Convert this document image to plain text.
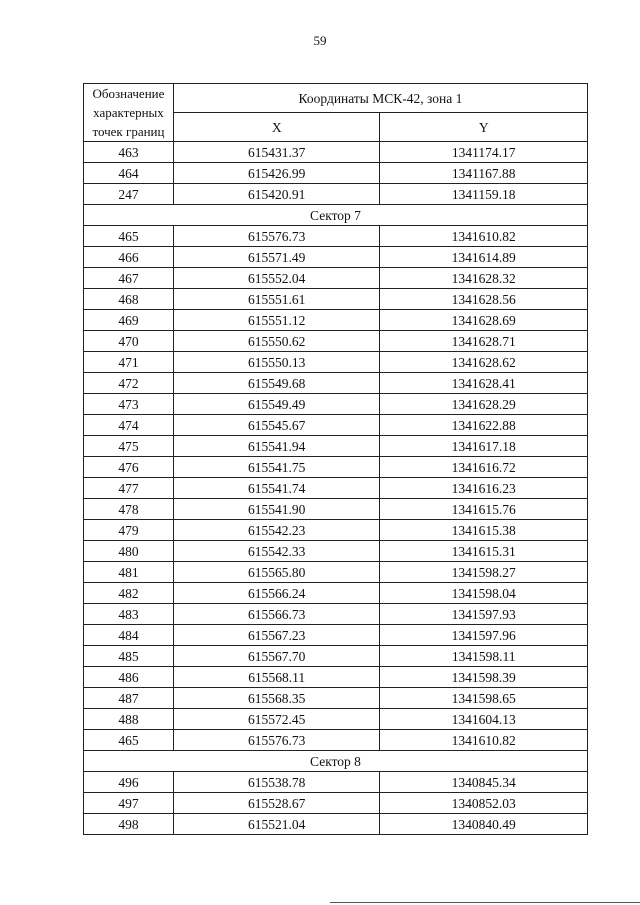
59
Обозначение характерных точек границ	Координаты МСК-42, зона 1	
	X	Y
463	615431.37	1341174.17
464	615426.99	1341167.88
247	615420.91	1341159.18
Сектор 7		
465	615576.73	1341610.82
466	615571.49	1341614.89
467	615552.04	1341628.32
468	615551.61	1341628.56
469	615551.12	1341628.69
470	615550.62	1341628.71
471	615550.13	1341628.62
472	615549.68	1341628.41
473	615549.49	1341628.29
474	615545.67	1341622.88
475	615541.94	1341617.18
476	615541.75	1341616.72
477	615541.74	1341616.23
478	615541.90	1341615.76
479	615542.23	1341615.38
480	615542.33	1341615.31
481	615565.80	1341598.27
482	615566.24	1341598.04
483	615566.73	1341597.93
484	615567.23	1341597.96
485	615567.70	1341598.11
486	615568.11	1341598.39
487	615568.35	1341598.65
488	615572.45	1341604.13
465	615576.73	1341610.82
Сектор 8		
496	615538.78	1340845.34
497	615528.67	1340852.03
498	615521.04	1340840.49
